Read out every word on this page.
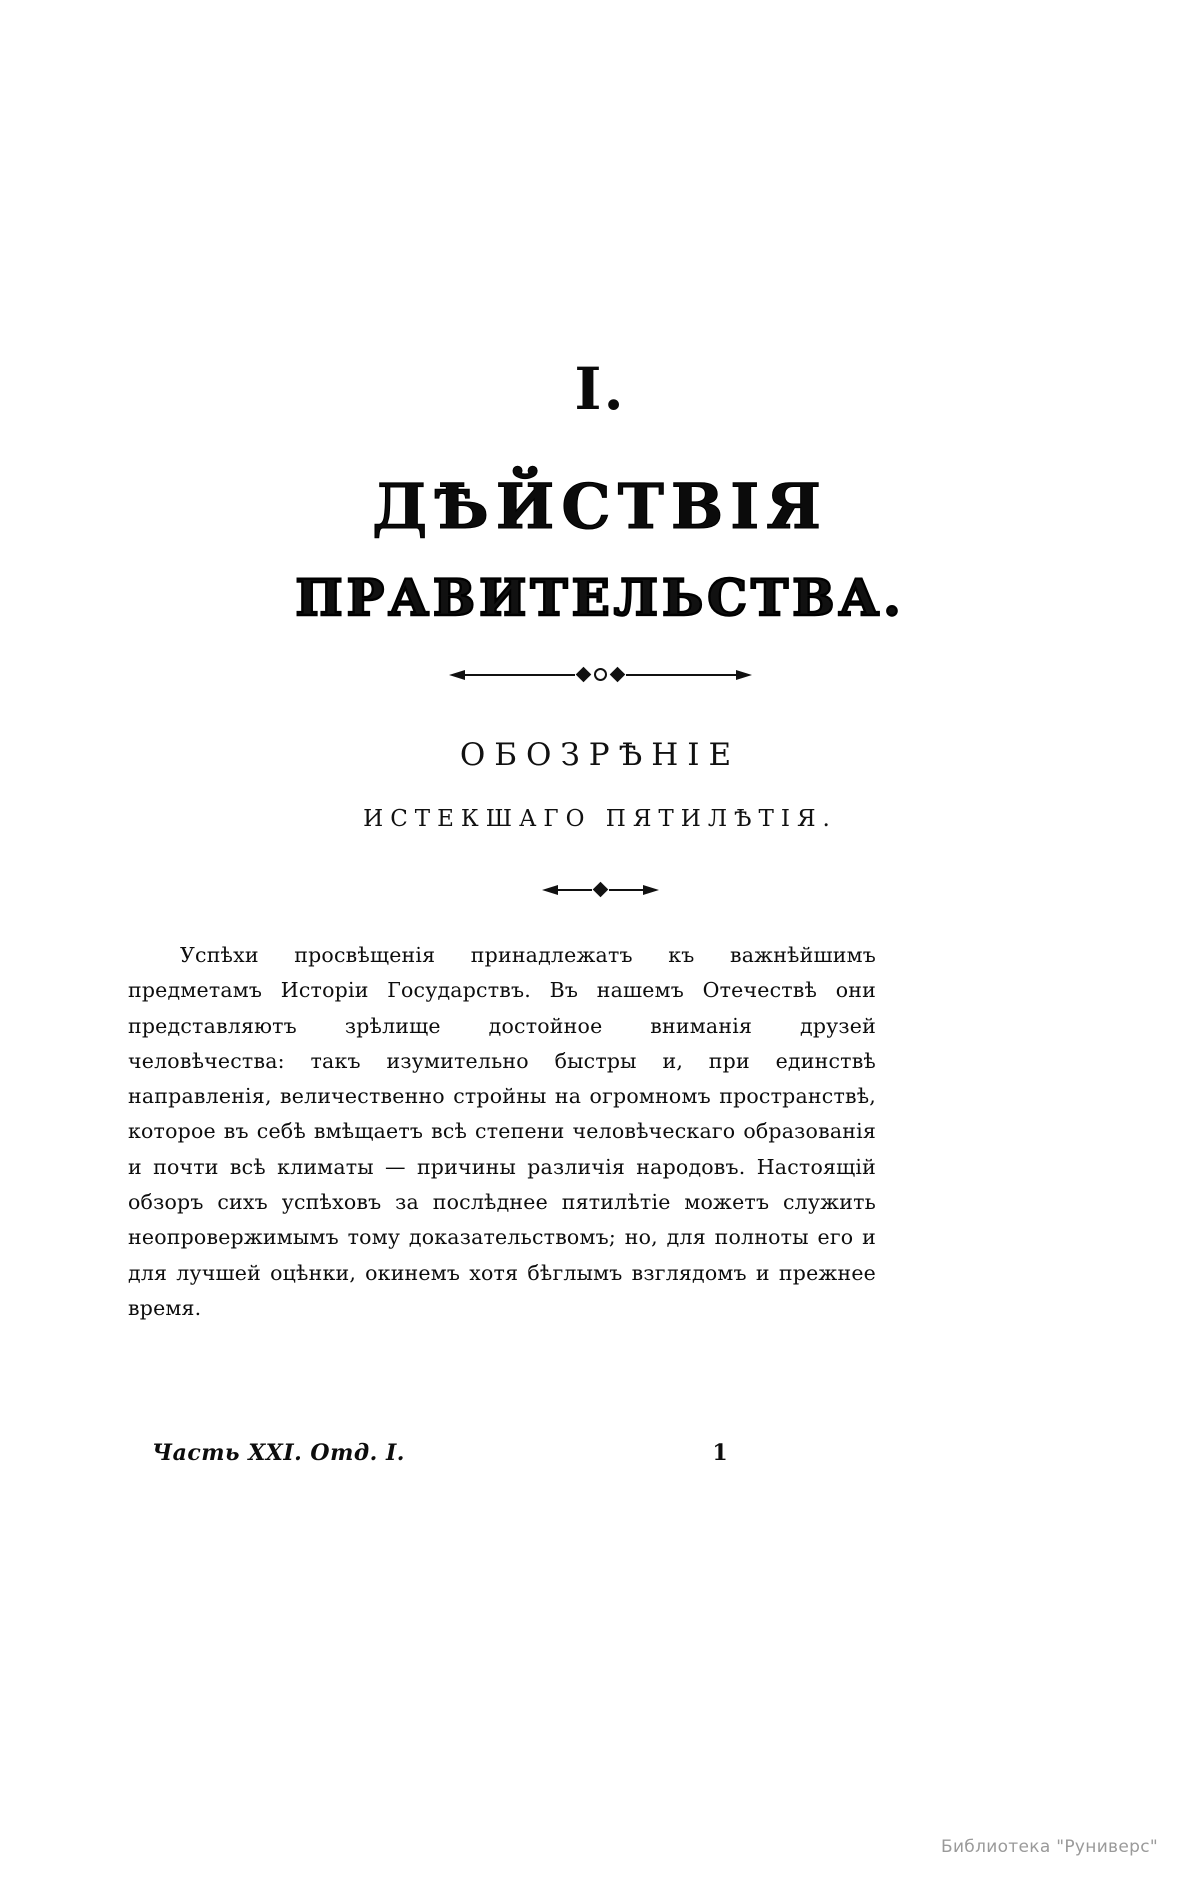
I.
ДѢЙСТВІЯ
ПРАВИТЕЛЬСТВА.
ОБОЗРѢНІЕ
ИСТЕКШАГО ПЯТИЛѢТІЯ.
Успѣхи просвѣщенія принадлежатъ къ важнѣйшимъ предметамъ Исторіи Государствъ. Въ нашемъ Отечествѣ они представляютъ зрѣлище достойное вниманія друзей человѣчества: такъ изумительно быстры и, при единствѣ направленія, величественно стройны на огромномъ пространствѣ, которое въ себѣ вмѣщаетъ всѣ степени человѣческаго образованія и почти всѣ климаты — причины различія народовъ. Настоящій обзоръ сихъ успѣховъ за послѣднее пятилѣтіе можетъ служить неопровержимымъ тому доказательствомъ; но, для полноты его и для лучшей оцѣнки, окинемъ хотя бѣглымъ взглядомъ и прежнее время.
Часть XXI. Отд. I.	1
Библиотека "Руниверс"
